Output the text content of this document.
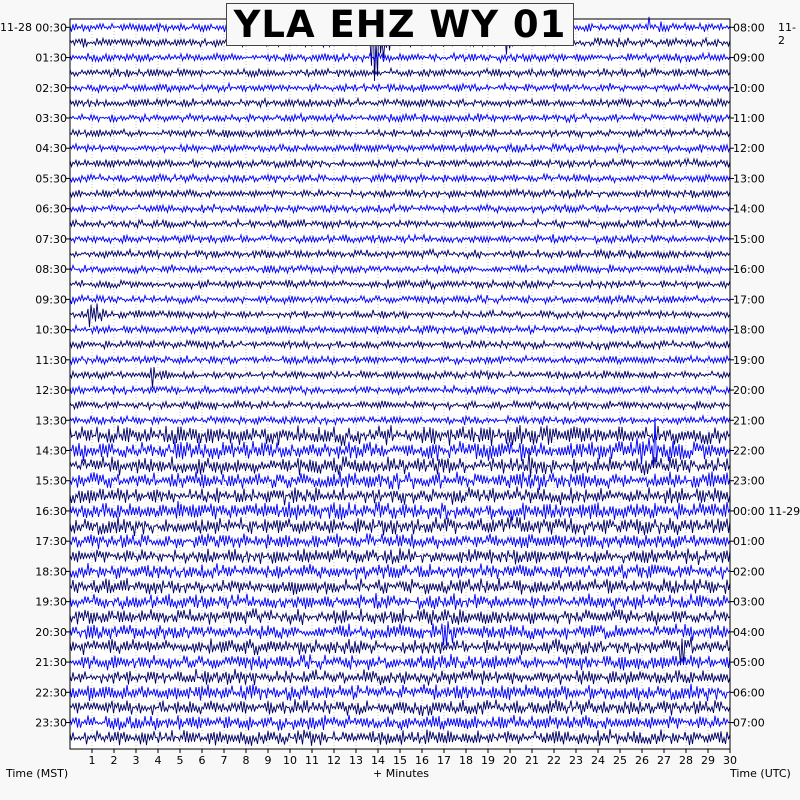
1 2 3 4 5 6 7 8 9 10 11 12 13 14 15 16 17 18 19 20 21 22 23 24 25 26 27 28 29 30
00:30
01:30
02:30
03:30
04:30
05:30
06:30
07:30
08:30
09:30
10:30
11:30
12:30
13:30
14:30
15:30
16:30
17:30
18:30
19:30
20:30
21:30
22:30
23:30
08:00
09:00
10:00
11:00
12:00
13:00
14:00
15:00
16:00
17:00
18:00
19:00
20:00
21:00
22:00
23:00
00:00 11-29
01:00
02:00
03:00
04:00
05:00
06:00
07:00
YLA EHZ WY 01
11-28	11-2
Time (MST)	Time (UTC)
+ Minutes
